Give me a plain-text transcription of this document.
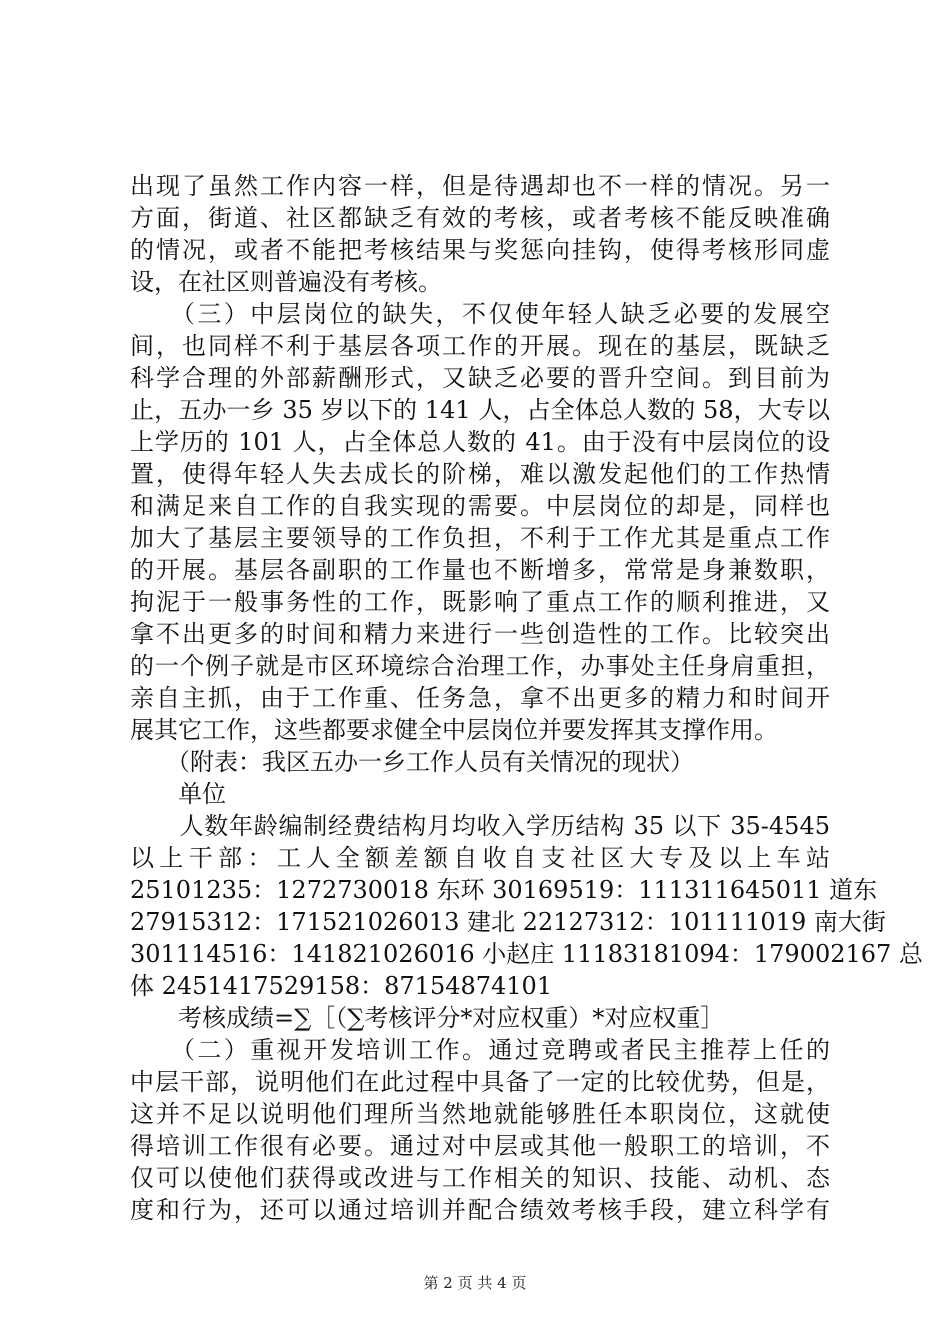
出现了虽然工作内容一样，但是待遇却也不一样的情况。另一
方面，街道、社区都缺乏有效的考核，或者考核不能反映准确
的情况，或者不能把考核结果与奖惩向挂钩，使得考核形同虚
设，在社区则普遍没有考核。
　　（三）中层岗位的缺失，不仅使年轻人缺乏必要的发展空
间，也同样不利于基层各项工作的开展。现在的基层，既缺乏
科学合理的外部薪酬形式，又缺乏必要的晋升空间。到目前为
止，五办一乡 35 岁以下的 141 人，占全体总人数的 58，大专以
上学历的 101 人，占全体总人数的 41。由于没有中层岗位的设
置，使得年轻人失去成长的阶梯，难以激发起他们的工作热情
和满足来自工作的自我实现的需要。中层岗位的却是，同样也
加大了基层主要领导的工作负担，不利于工作尤其是重点工作
的开展。基层各副职的工作量也不断增多，常常是身兼数职，
拘泥于一般事务性的工作，既影响了重点工作的顺利推进，又
拿不出更多的时间和精力来进行一些创造性的工作。比较突出
的一个例子就是市区环境综合治理工作，办事处主任身肩重担，
亲自主抓，由于工作重、任务急，拿不出更多的精力和时间开
展其它工作，这些都要求健全中层岗位并要发挥其支撑作用。
　　（附表：我区五办一乡工作人员有关情况的现状）
　　单位
　　人数年龄编制经费结构月均收入学历结构 35 以下 35-4545
以上干部：工人全额差额自收自支社区大专及以上车站
25101235：1272730018 东环 30169519：111311645011 道东
27915312：171521026013 建北 22127312：101111019 南大街
301114516：141821026016 小赵庄 11183181094：179002167 总
体 2451417529158：87154874101
　　考核成绩=∑［（∑考核评分*对应权重）*对应权重］
　　（二）重视开发培训工作。通过竞聘或者民主推荐上任的
中层干部，说明他们在此过程中具备了一定的比较优势，但是，
这并不足以说明他们理所当然地就能够胜任本职岗位，这就使
得培训工作很有必要。通过对中层或其他一般职工的培训，不
仅可以使他们获得或改进与工作相关的知识、技能、动机、态
度和行为，还可以通过培训并配合绩效考核手段，建立科学有
第 2 页 共 4 页
